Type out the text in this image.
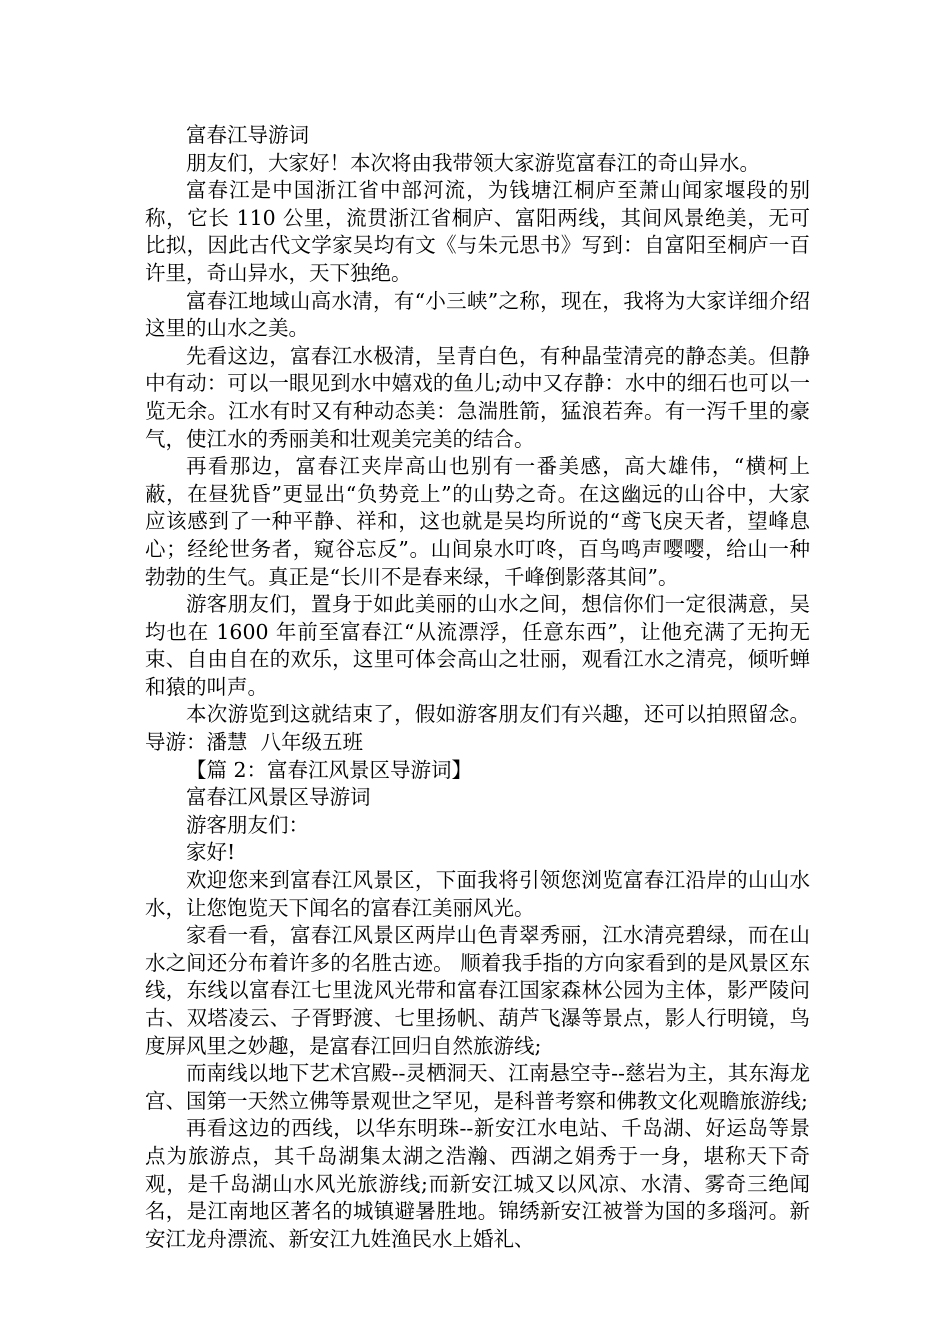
富春江导游词

朋友们，大家好！本次将由我带领大家游览富春江的奇山异水。

富春江是中国浙江省中部河流，为钱塘江桐庐至萧山闻家堰段的别称，它长 110 公里，流贯浙江省桐庐、富阳两线，其间风景绝美，无可比拟，因此古代文学家吴均有文《与朱元思书》写到：自富阳至桐庐一百许里，奇山异水，天下独绝。

富春江地域山高水清，有“小三峡”之称，现在，我将为大家详细介绍这里的山水之美。

先看这边，富春江水极清，呈青白色，有种晶莹清亮的静态美。但静中有动：可以一眼见到水中嬉戏的鱼儿;动中又存静：水中的细石也可以一览无余。江水有时又有种动态美：急湍胜箭，猛浪若奔。有一泻千里的豪气，使江水的秀丽美和壮观美完美的结合。

再看那边，富春江夹岸高山也别有一番美感，高大雄伟，“横柯上蔽，在昼犹昏”更显出“负势竞上”的山势之奇。在这幽远的山谷中，大家应该感到了一种平静、祥和，这也就是吴均所说的“鸢飞戾天者，望峰息心；经纶世务者，窥谷忘反”。山间泉水叮咚，百鸟鸣声嘤嘤，给山一种勃勃的生气。真正是“长川不是春来绿，千峰倒影落其间”。

游客朋友们，置身于如此美丽的山水之间，想信你们一定很满意，吴均也在 1600 年前至富春江“从流漂浮，任意东西”，让他充满了无拘无束、自由自在的欢乐，这里可体会高山之壮丽，观看江水之清亮，倾听蝉和猿的叫声。

本次游览到这就结束了，假如游客朋友们有兴趣，还可以拍照留念。  导游：潘慧  八年级五班

【篇 2：富春江风景区导游词】

富春江风景区导游词

游客朋友们：

家好!

欢迎您来到富春江风景区，下面我将引领您浏览富春江沿岸的山山水水，让您饱览天下闻名的富春江美丽风光。

家看一看，富春江风景区两岸山色青翠秀丽，江水清亮碧绿，而在山水之间还分布着许多的名胜古迹。 顺着我手指的方向家看到的是风景区东线，东线以富春江七里泷风光带和富春江国家森林公园为主体，影严陵问古、双塔凌云、子胥野渡、七里扬帆、葫芦飞瀑等景点，影人行明镜，鸟度屏风里之妙趣，是富春江回归自然旅游线;

而南线以地下艺术宫殿--灵栖洞天、江南悬空寺--慈岩为主，其东海龙宫、国第一天然立佛等景观世之罕见，是科普考察和佛教文化观瞻旅游线;

再看这边的西线，以华东明珠--新安江水电站、千岛湖、好运岛等景点为旅游点，其千岛湖集太湖之浩瀚、西湖之娟秀于一身，堪称天下奇观，是千岛湖山水风光旅游线;而新安江城又以风凉、水清、雾奇三绝闻名，是江南地区著名的城镇避暑胜地。锦绣新安江被誉为国的多瑙河。新安江龙舟漂流、新安江九姓渔民水上婚礼、
